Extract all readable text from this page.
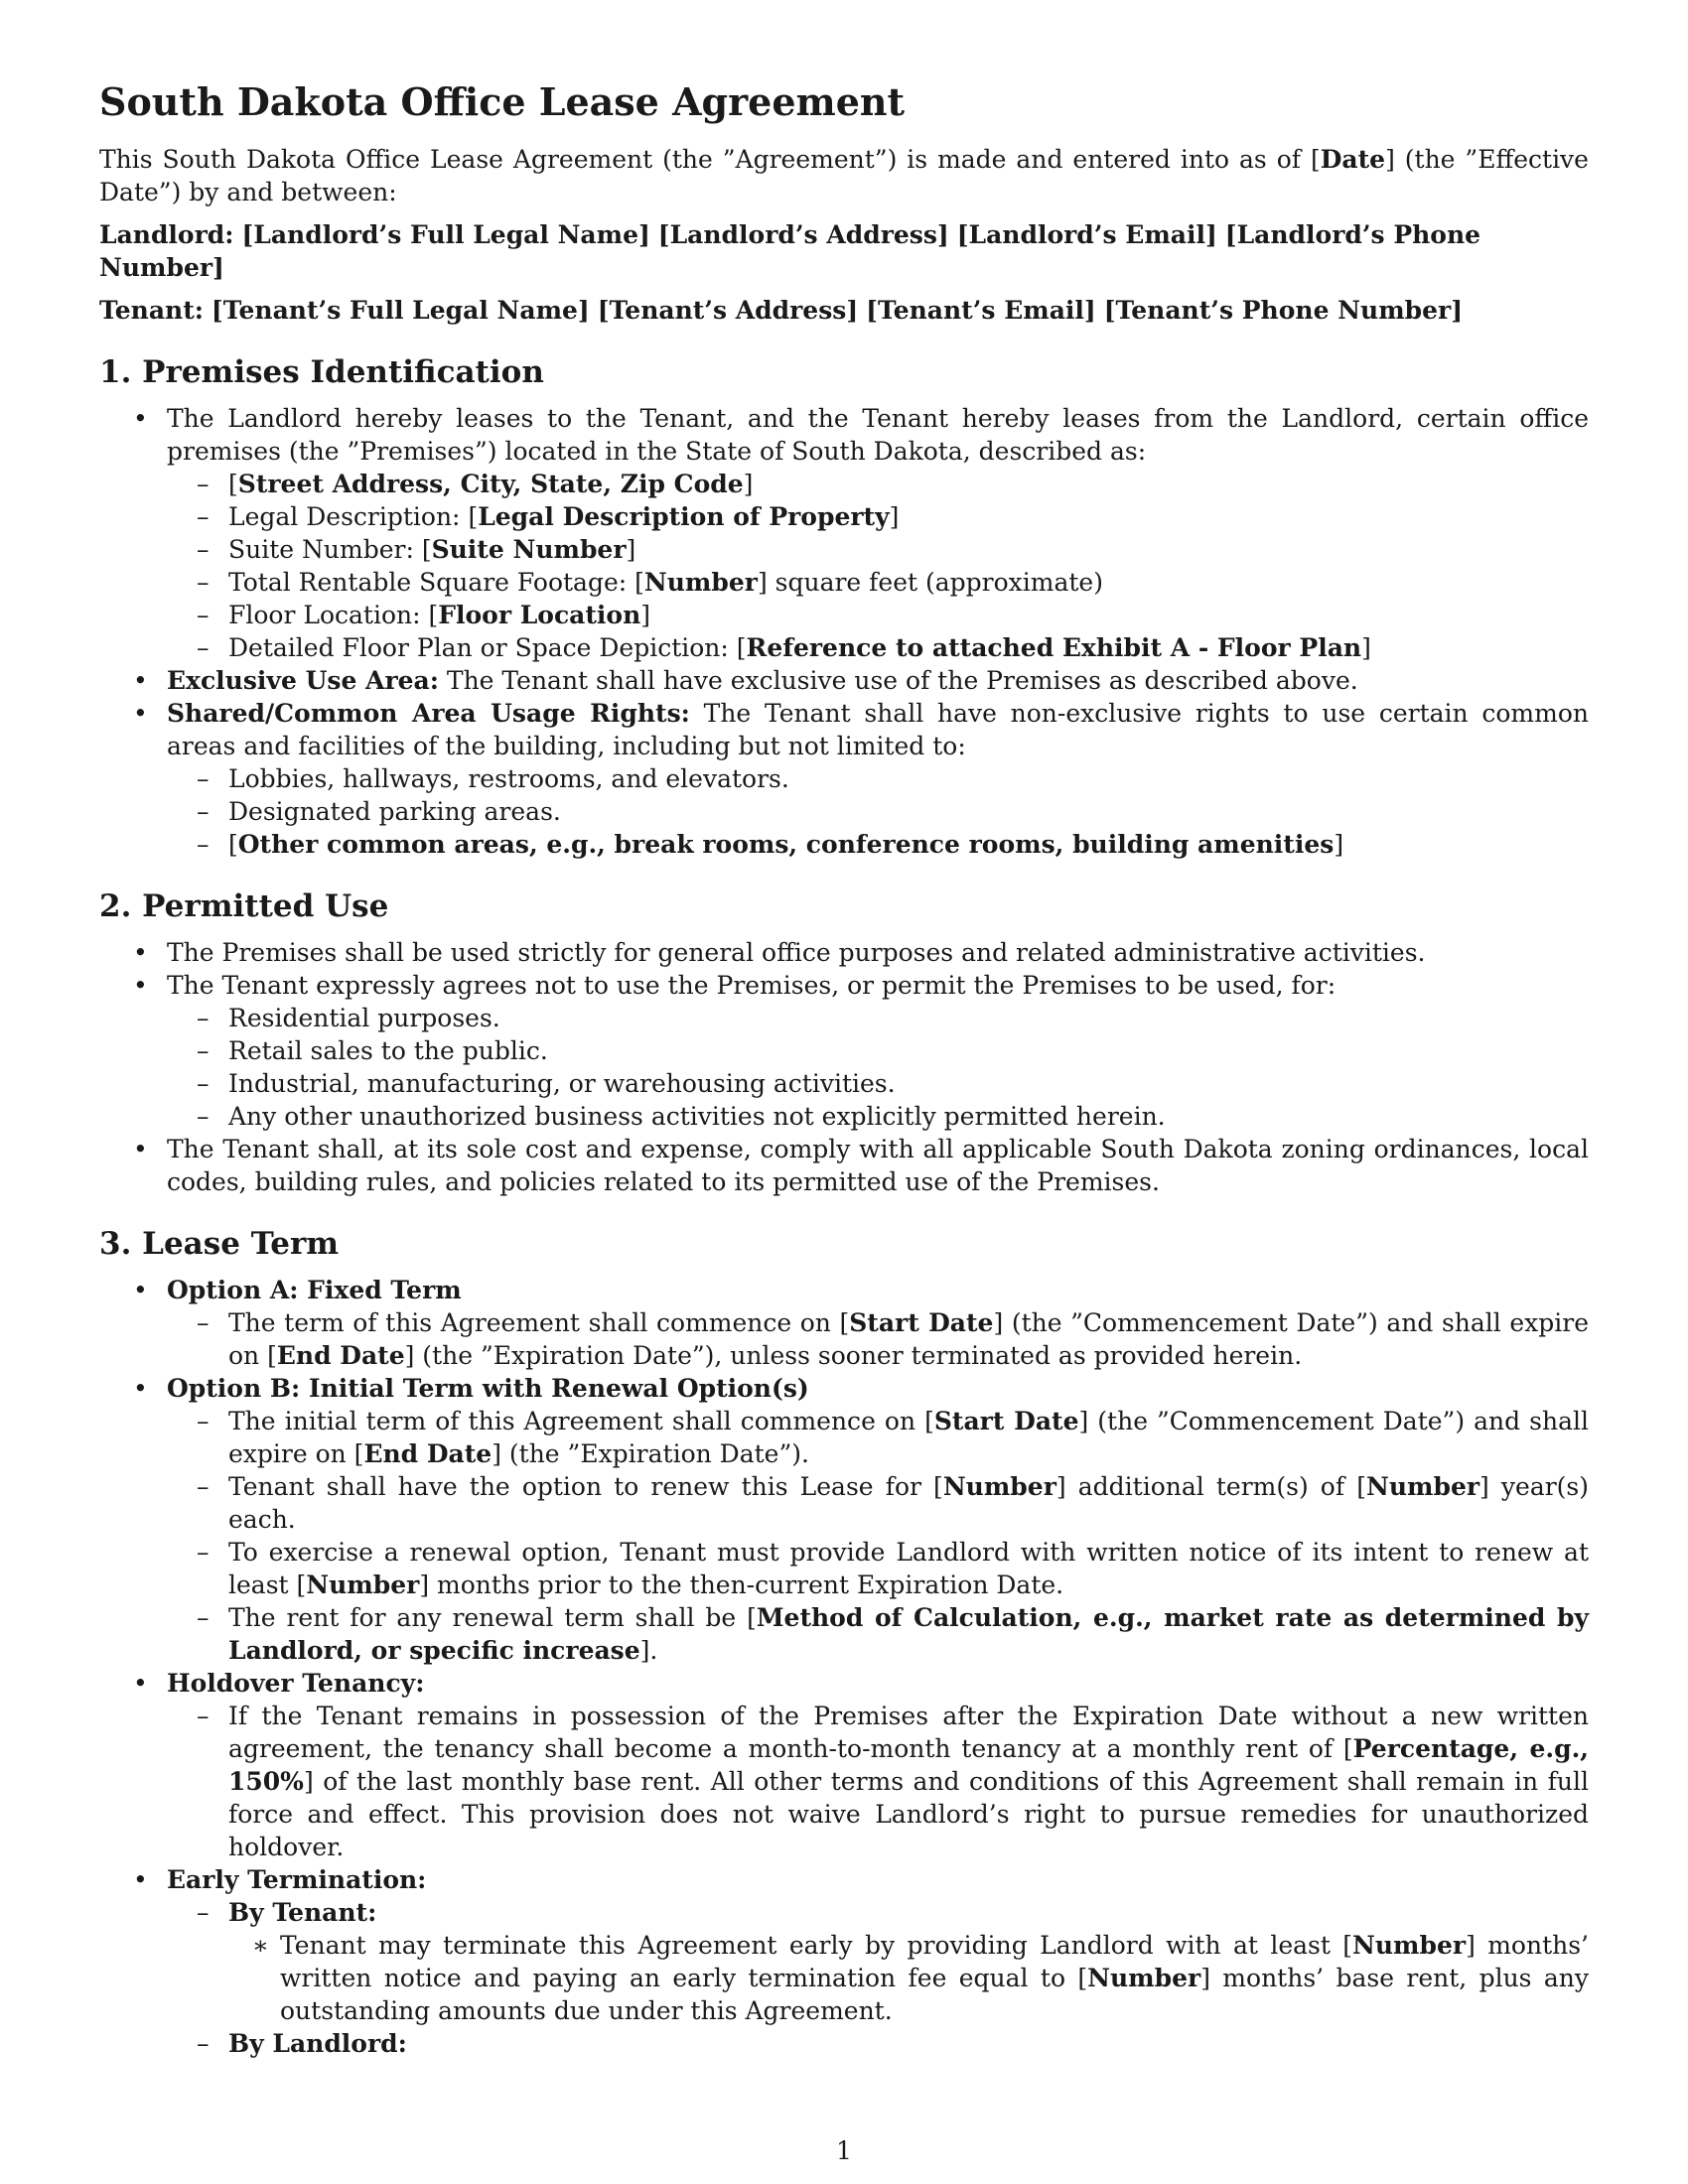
South Dakota Office Lease Agreement

This South Dakota Office Lease Agreement (the ”Agreement”) is made and entered into as of [Date] (the ”Effective Date”) by and between:

Landlord: [Landlord’s Full Legal Name] [Landlord’s Address] [Landlord’s Email] [Landlord’s Phone Number]

Tenant: [Tenant’s Full Legal Name] [Tenant’s Address] [Tenant’s Email] [Tenant’s Phone Number]

1. Premises Identification
• The Landlord hereby leases to the Tenant, and the Tenant hereby leases from the Landlord, certain office premises (the ”Premises”) located in the State of South Dakota, described as:
– [Street Address, City, State, Zip Code]
– Legal Description: [Legal Description of Property]
– Suite Number: [Suite Number]
– Total Rentable Square Footage: [Number] square feet (approximate)
– Floor Location: [Floor Location]
– Detailed Floor Plan or Space Depiction: [Reference to attached Exhibit A - Floor Plan]
• Exclusive Use Area: The Tenant shall have exclusive use of the Premises as described above.
• Shared/Common Area Usage Rights: The Tenant shall have non-exclusive rights to use certain common areas and facilities of the building, including but not limited to:
– Lobbies, hallways, restrooms, and elevators.
– Designated parking areas.
– [Other common areas, e.g., break rooms, conference rooms, building amenities]
2. Permitted Use
• The Premises shall be used strictly for general office purposes and related administrative activities.
• The Tenant expressly agrees not to use the Premises, or permit the Premises to be used, for:
– Residential purposes.
– Retail sales to the public.
– Industrial, manufacturing, or warehousing activities.
– Any other unauthorized business activities not explicitly permitted herein.
• The Tenant shall, at its sole cost and expense, comply with all applicable South Dakota zoning ordinances, local codes, building rules, and policies related to its permitted use of the Premises.
3. Lease Term
• Option A: Fixed Term
– The term of this Agreement shall commence on [Start Date] (the ”Commencement Date”) and shall expire on [End Date] (the ”Expiration Date”), unless sooner terminated as provided herein.
• Option B: Initial Term with Renewal Option(s)
– The initial term of this Agreement shall commence on [Start Date] (the ”Commencement Date”) and shall expire on [End Date] (the ”Expiration Date”).
– Tenant shall have the option to renew this Lease for [Number] additional term(s) of [Number] year(s) each.
– To exercise a renewal option, Tenant must provide Landlord with written notice of its intent to renew at least [Number] months prior to the then-current Expiration Date.
– The rent for any renewal term shall be [Method of Calculation, e.g., market rate as determined by Landlord, or specific increase].
• Holdover Tenancy:
– If the Tenant remains in possession of the Premises after the Expiration Date without a new written agreement, the tenancy shall become a month-to-month tenancy at a monthly rent of [Percentage, e.g., 150%] of the last monthly base rent. All other terms and conditions of this Agreement shall remain in full force and effect. This provision does not waive Landlord’s right to pursue remedies for unauthorized holdover.
• Early Termination:
– By Tenant:
∗ Tenant may terminate this Agreement early by providing Landlord with at least [Number] months’ written notice and paying an early termination fee equal to [Number] months’ base rent, plus any outstanding amounts due under this Agreement.
– By Landlord:
1
